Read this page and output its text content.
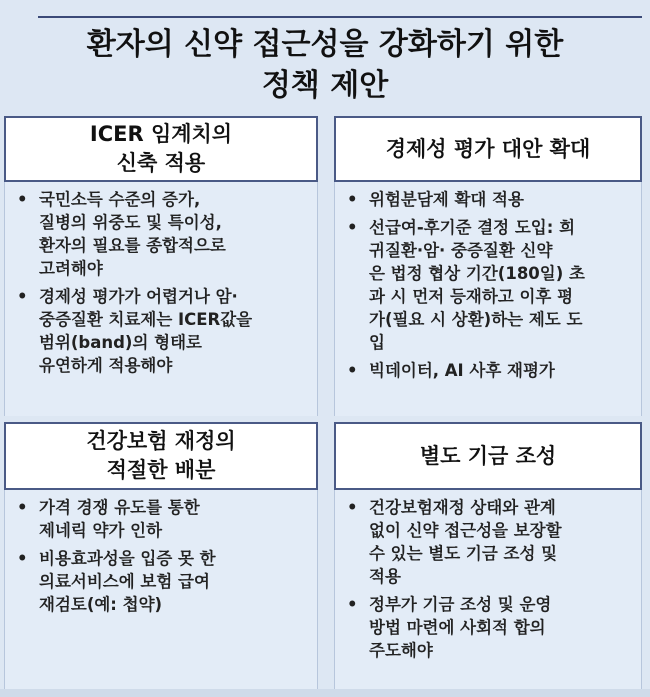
환자의 신약 접근성을 강화하기 위한
정책 제안
ICER 임계치의
신축 적용
• 국민소득 수준의 증가,
질병의 위중도 및 특이성,
환자의 필요를 종합적으로
고려해야
• 경제성 평가가 어렵거나 암·
중증질환 치료제는 ICER값을
범위(band)의 형태로
유연하게 적용해야
경제성 평가 대안 확대
• 위험분담제 확대 적용
• 선급여-후기준 결정 도입: 희
귀질환·암· 중증질환 신약
은 법정 협상 기간(180일) 초
과 시 먼저 등재하고 이후 평
가(필요 시 상환)하는 제도 도
입
• 빅데이터, AI 사후 재평가
건강보험 재정의
적절한 배분
• 가격 경쟁 유도를 통한
제네릭 약가 인하
• 비용효과성을 입증 못 한
의료서비스에 보험 급여
재검토(예: 첩약)
별도 기금 조성
• 건강보험재정 상태와 관계
없이 신약 접근성을 보장할
수 있는 별도 기금 조성 및
적용
• 정부가 기금 조성 및 운영
방법 마련에 사회적 합의
주도해야
